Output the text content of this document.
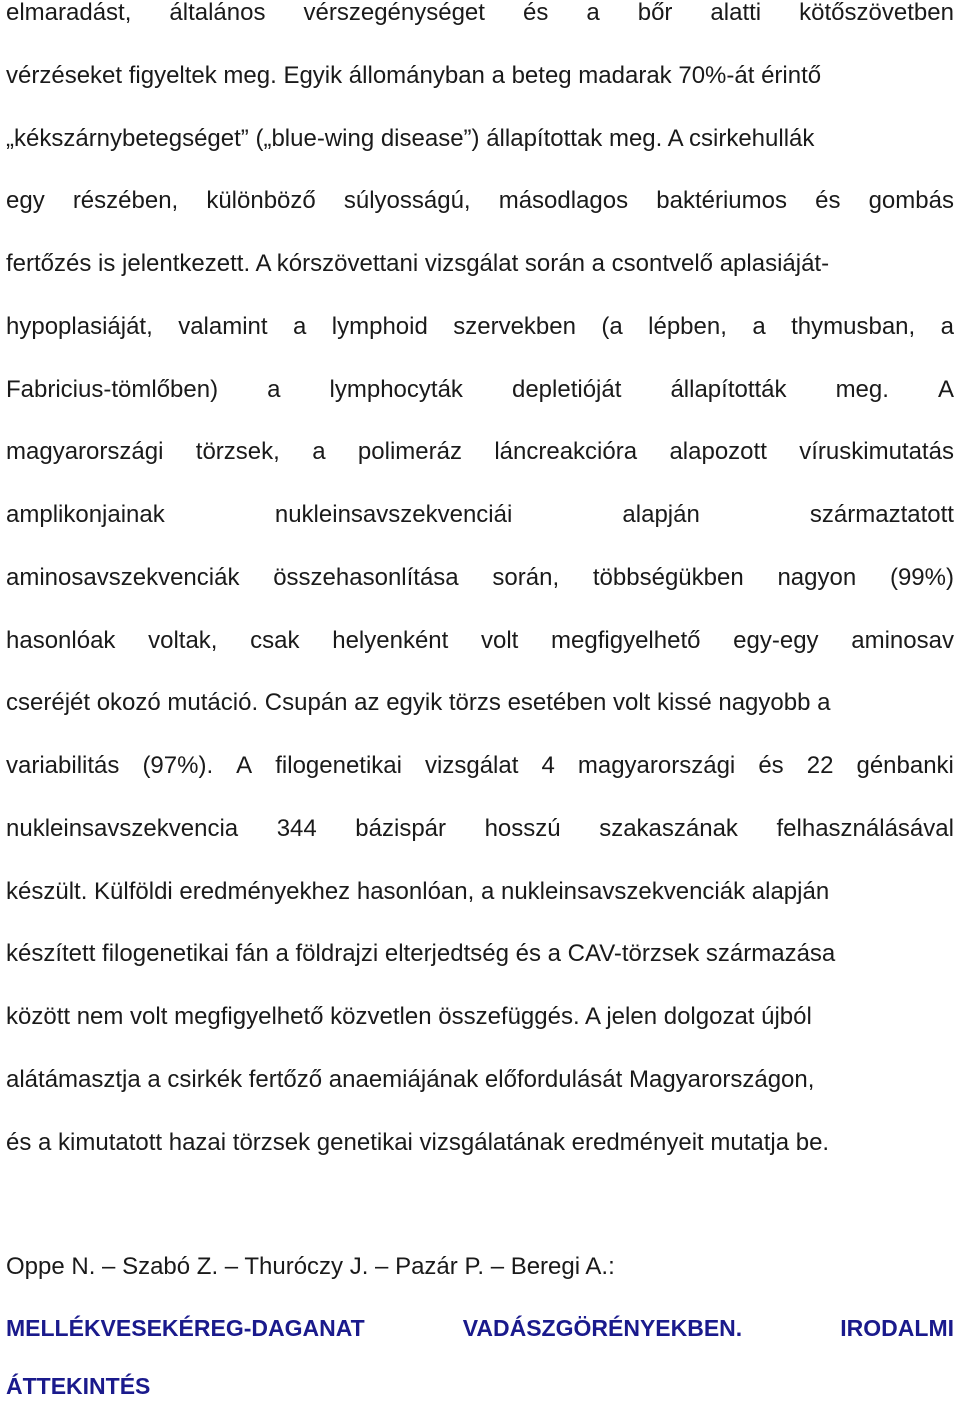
elmaradást, általános vérszegénységet és a bőr alatti kötőszövetben
vérzéseket figyeltek meg. Egyik állományban a beteg madarak 70%-át érintő
„kékszárnybetegséget” („blue-wing disease”) állapítottak meg. A csirkehullák
egy részében, különböző súlyosságú, másodlagos baktériumos és gombás
fertőzés is jelentkezett. A kórszövettani vizsgálat során a csontvelő aplasiáját-
hypoplasiáját, valamint a lymphoid szervekben (a lépben, a thymusban, a
Fabricius-tömlőben) a lymphocyták depletióját állapították meg. A
magyarországi törzsek, a polimeráz láncreakcióra alapozott víruskimutatás
amplikonjainak	nukleinsavszekvenciái	alapján	származtatott
aminosavszekvenciák összehasonlítása során, többségükben nagyon (99%)
hasonlóak voltak, csak helyenként volt megfigyelhető egy-egy aminosav
cseréjét okozó mutáció. Csupán az egyik törzs esetében volt kissé nagyobb a
variabilitás (97%). A filogenetikai vizsgálat 4 magyarországi és 22 génbanki
nukleinsavszekvencia 344 bázispár hosszú szakaszának felhasználásával
készült. Külföldi eredményekhez hasonlóan, a nukleinsavszekvenciák alapján
készített filogenetikai fán a földrajzi elterjedtség és a CAV-törzsek származása
között nem volt megfigyelhető közvetlen összefüggés. A jelen dolgozat újból
alátámasztja a csirkék fertőző anaemiájának előfordulását Magyarországon,
és a kimutatott hazai törzsek genetikai vizsgálatának eredményeit mutatja be.
Oppe N. – Szabó Z. – Thuróczy J. – Pazár P. – Beregi A.:
MELLÉKVESEKÉREG-DAGANAT	VADÁSZGÖRÉNYEKBEN.	IRODALMI
ÁTTEKINTÉS
